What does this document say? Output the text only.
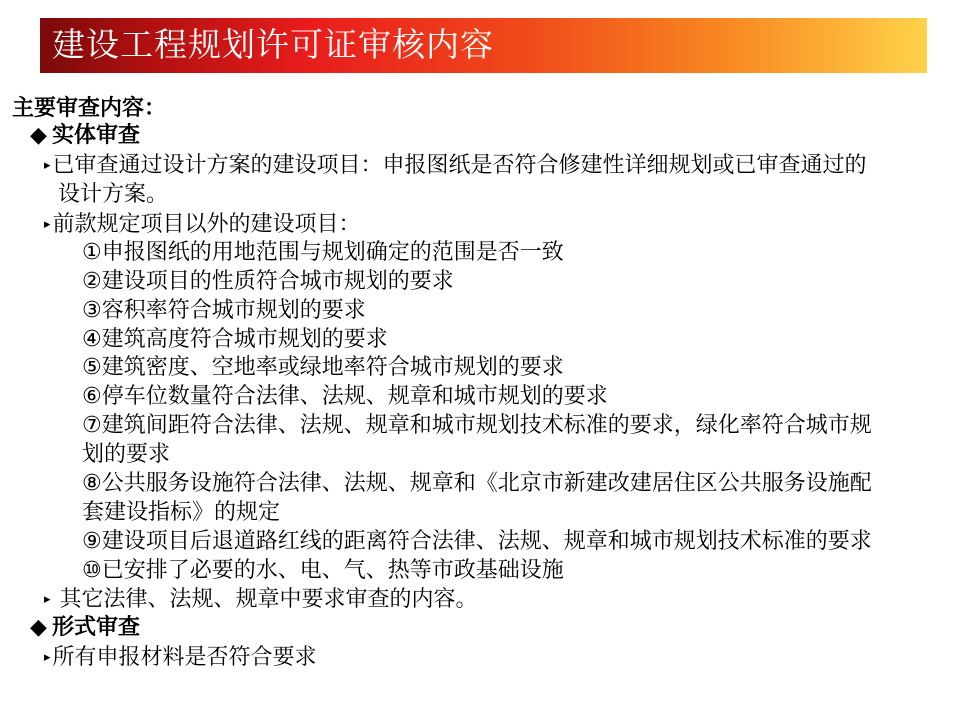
建设工程规划许可证审核内容
主要审查内容：
◆ 实体审查
▸已审查通过设计方案的建设项目：申报图纸是否符合修建性详细规划或已审查通过的
设计方案。
▸前款规定项目以外的建设项目：
①申报图纸的用地范围与规划确定的范围是否一致
②建设项目的性质符合城市规划的要求
③容积率符合城市规划的要求
④建筑高度符合城市规划的要求
⑤建筑密度、空地率或绿地率符合城市规划的要求
⑥停车位数量符合法律、法规、规章和城市规划的要求
⑦建筑间距符合法律、法规、规章和城市规划技术标准的要求，绿化率符合城市规
划的要求
⑧公共服务设施符合法律、法规、规章和《北京市新建改建居住区公共服务设施配
套建设指标》的规定
⑨建设项目后退道路红线的距离符合法律、法规、规章和城市规划技术标准的要求
⑩已安排了必要的水、电、气、热等市政基础设施
▸ 其它法律、法规、规章中要求审查的内容。
◆ 形式审查
▸所有申报材料是否符合要求
